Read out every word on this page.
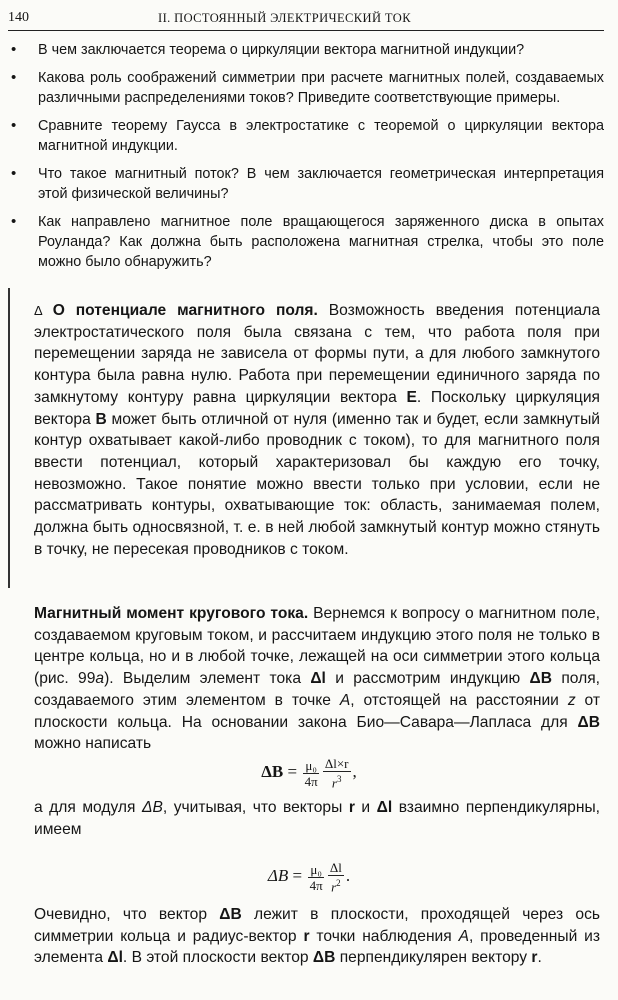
140	II. ПОСТОЯННЫЙ ЭЛЕКТРИЧЕСКИЙ ТОК
• В чем заключается теорема о циркуляции вектора магнитной индукции?
• Какова роль соображений симметрии при расчете магнитных полей, создаваемых различными распределениями токов? Приведите соответствующие примеры.
• Сравните теорему Гаусса в электростатике с теоремой о циркуляции вектора магнитной индукции.
• Что такое магнитный поток? В чем заключается геометрическая интерпретация этой физической величины?
• Как направлено магнитное поле вращающегося заряженного диска в опытах Роуланда? Как должна быть расположена магнитная стрелка, чтобы это поле можно было обнаружить?
Δ О потенциале магнитного поля. Возможность введения потенциала электростатического поля была связана с тем, что работа поля при перемещении заряда не зависела от формы пути, а для любого замкнутого контура была равна нулю. Работа при перемещении единичного заряда по замкнутому контуру равна циркуляции вектора E. Поскольку циркуляция вектора B может быть отличной от нуля (именно так и будет, если замкнутый контур охватывает какой-либо проводник с током), то для магнитного поля ввести потенциал, который характеризовал бы каждую его точку, невозможно. Такое понятие можно ввести только при условии, если не рассматривать контуры, охватывающие ток: область, занимаемая полем, должна быть односвязной, т. е. в ней любой замкнутый контур можно стянуть в точку, не пересекая проводников с током.
Магнитный момент кругового тока. Вернемся к вопросу о магнитном поле, создаваемом круговым током, и рассчитаем индукцию этого поля не только в центре кольца, но и в любой точке, лежащей на оси симметрии этого кольца (рис. 99а). Выделим элемент тока Δl и рассмотрим индукцию ΔB поля, создаваемого этим элементом в точке A, отстоящей на расстоянии z от плоскости кольца. На основании закона Био—Савара—Лапласа для ΔB можно написать
$\Delta B = \frac{\text{μ₀}}{4\pi} \frac{\Delta l\times r}{r^3}$ ,
а для модуля ΔB, учитывая, что векторы r и Δl взаимно перпендикулярны, имеем
$\Delta B = \frac{\text{μ₀}}{4\pi} \frac{\Delta l}{r^2}$ .
Очевидно, что вектор ΔB лежит в плоскости, проходящей через ось симметрии кольца и радиус-вектор r точки наблюдения A, проведенный из элемента Δl. В этой плоскости вектор ΔB перпендикулярен вектору r.
